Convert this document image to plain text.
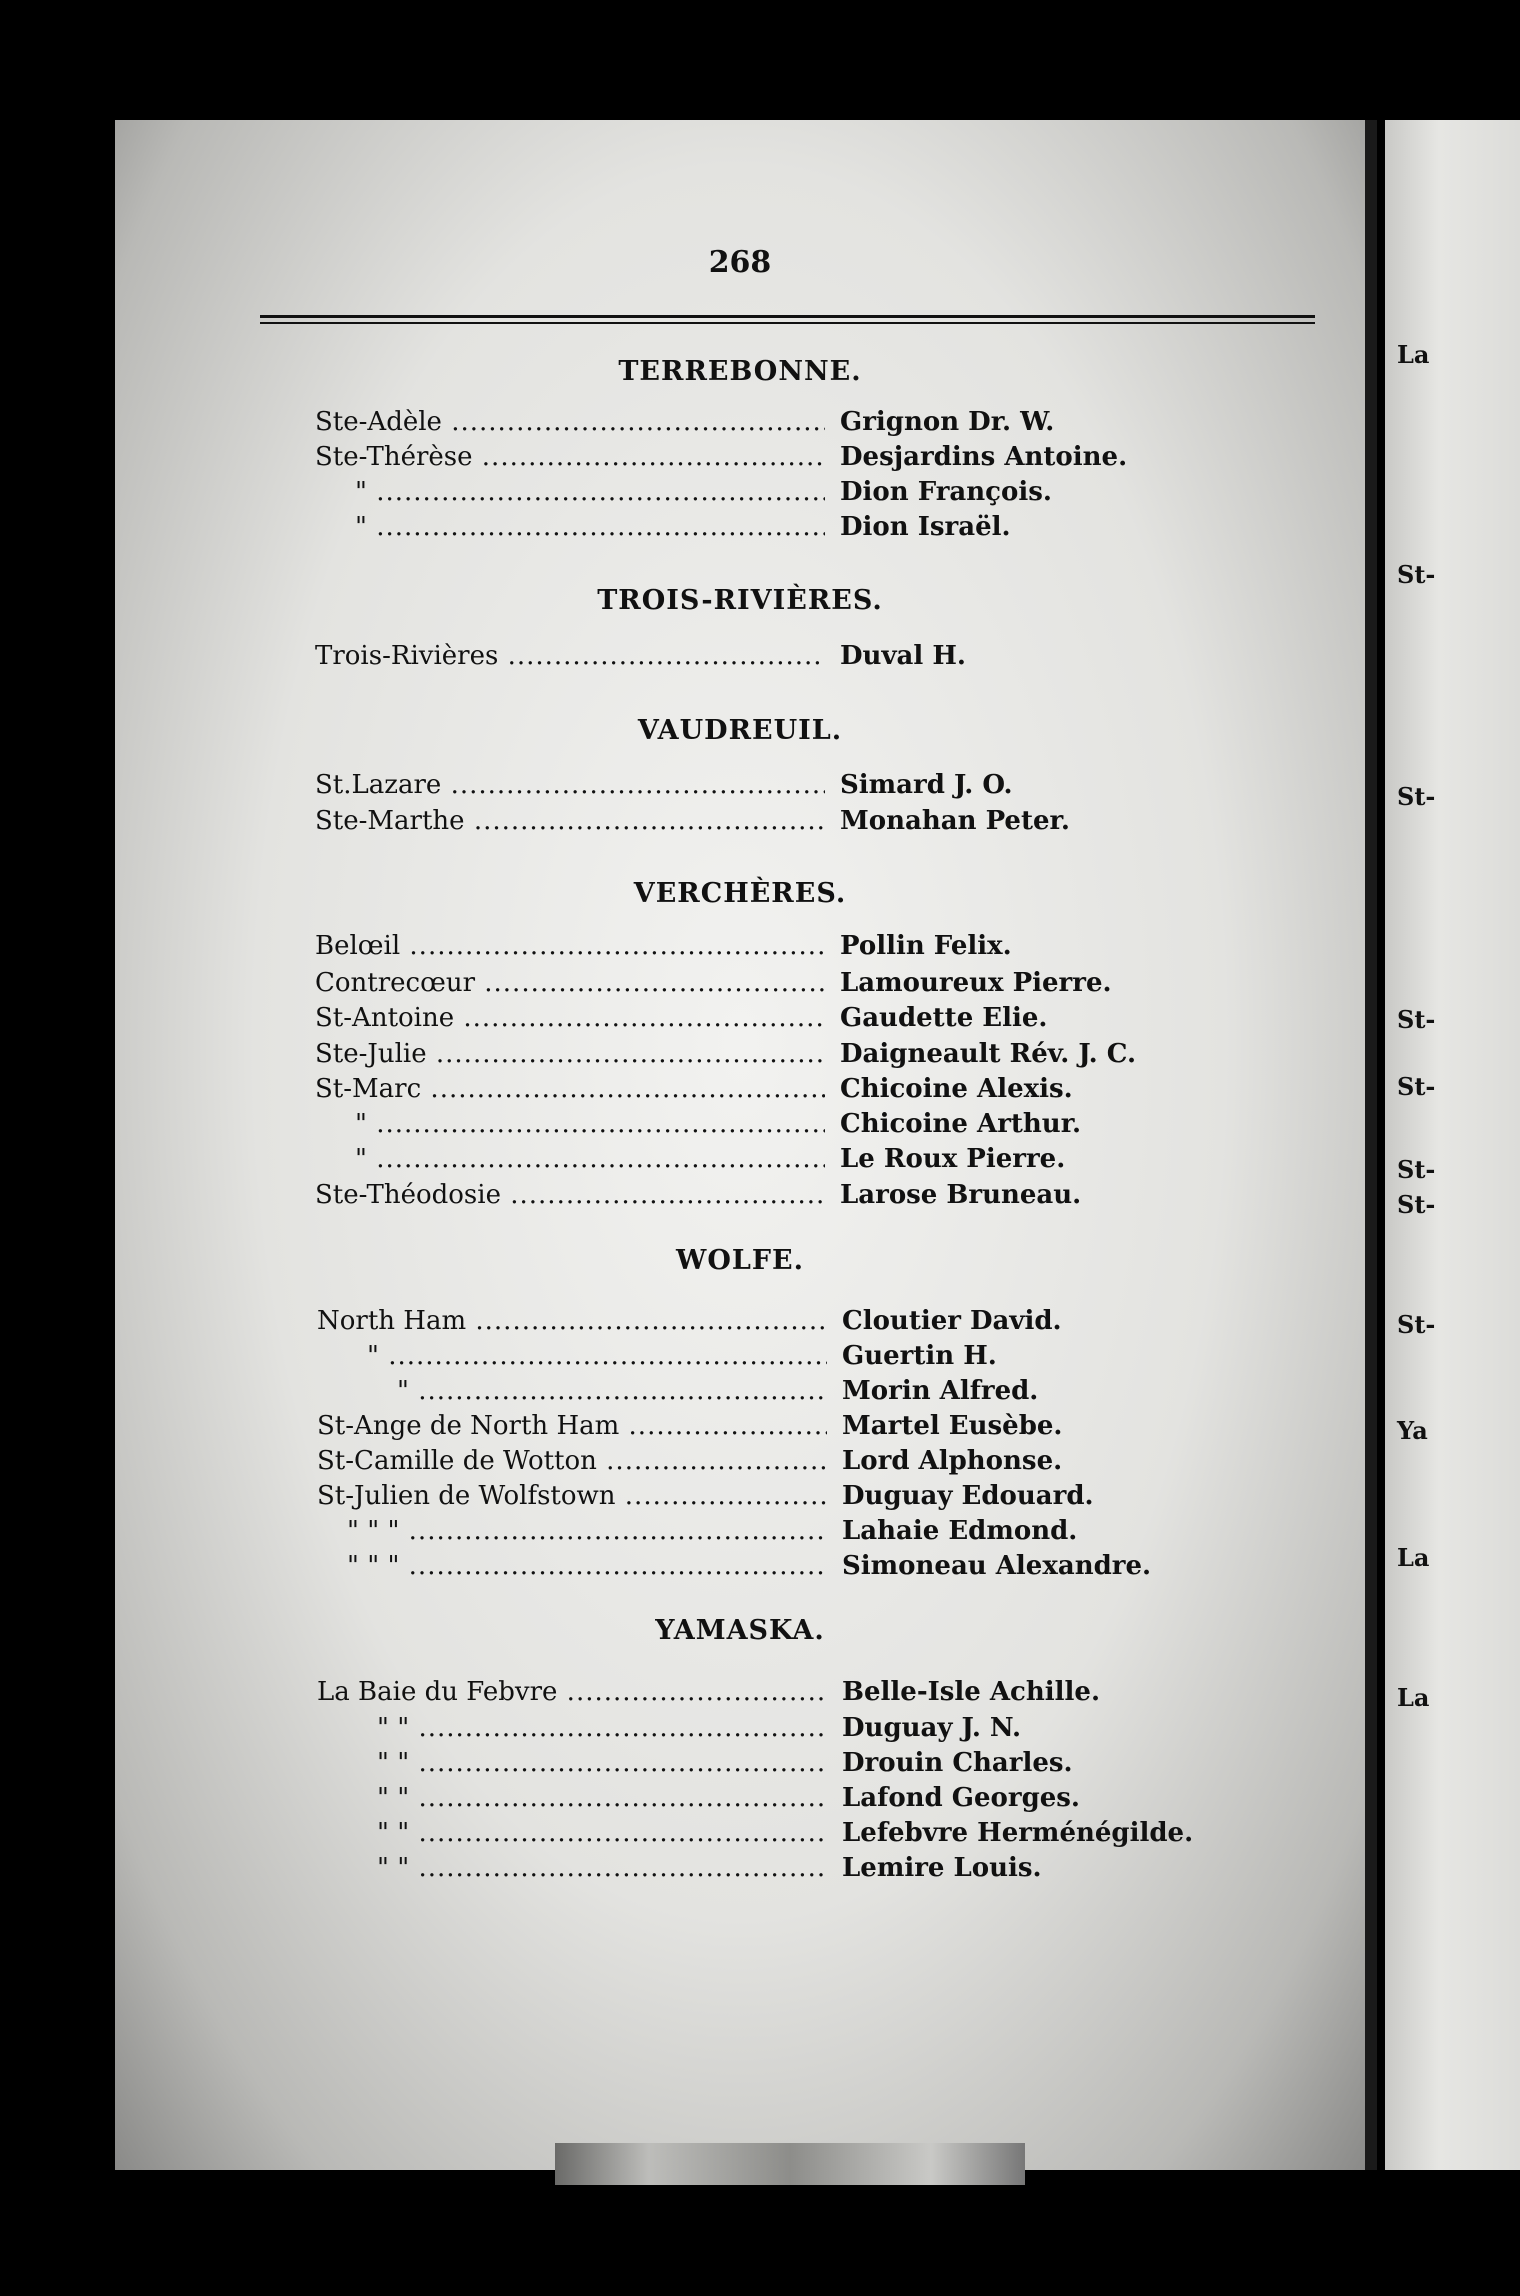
268
TERREBONNE.
Ste-Adèle .....	Grignon Dr. W.
Ste-Thérèse .....	Desjardins Antoine.
" .....	Dion François.
" .....	Dion Israël.
TROIS-RIVIÈRES.
Trois-Rivières .....	Duval H.
VAUDREUIL.
St.Lazare .....	Simard J. O.
Ste-Marthe .....	Monahan Peter.
VERCHÈRES.
Belœil .....	Pollin Felix.
Contrecœur .....	Lamoureux Pierre.
St-Antoine .....	Gaudette Elie.
Ste-Julie .....	Daigneault Rév. J. C.
St-Marc .....	Chicoine Alexis.
" .....	Chicoine Arthur.
" .....	Le Roux Pierre.
Ste-Théodosie .....	Larose Bruneau.
WOLFE.
North Ham .....	Cloutier David.
" .....	Guertin H.
" .....	Morin Alfred.
St-Ange de North Ham .....	Martel Eusèbe.
St-Camille de Wotton .....	Lord Alphonse.
St-Julien de Wolfstown .....	Duguay Edouard.
" " " .....	Lahaie Edmond.
" " " .....	Simoneau Alexandre.
YAMASKA.
La Baie du Febvre .....	Belle-Isle Achille.
" " .....	Duguay J. N.
" " .....	Drouin Charles.
" " .....	Lafond Georges.
" " .....	Lefebvre Herménégilde.
" " .....	Lemire Louis.
La
St-
St-
St-
St-
St-
St-
St-
Ya
La
La
